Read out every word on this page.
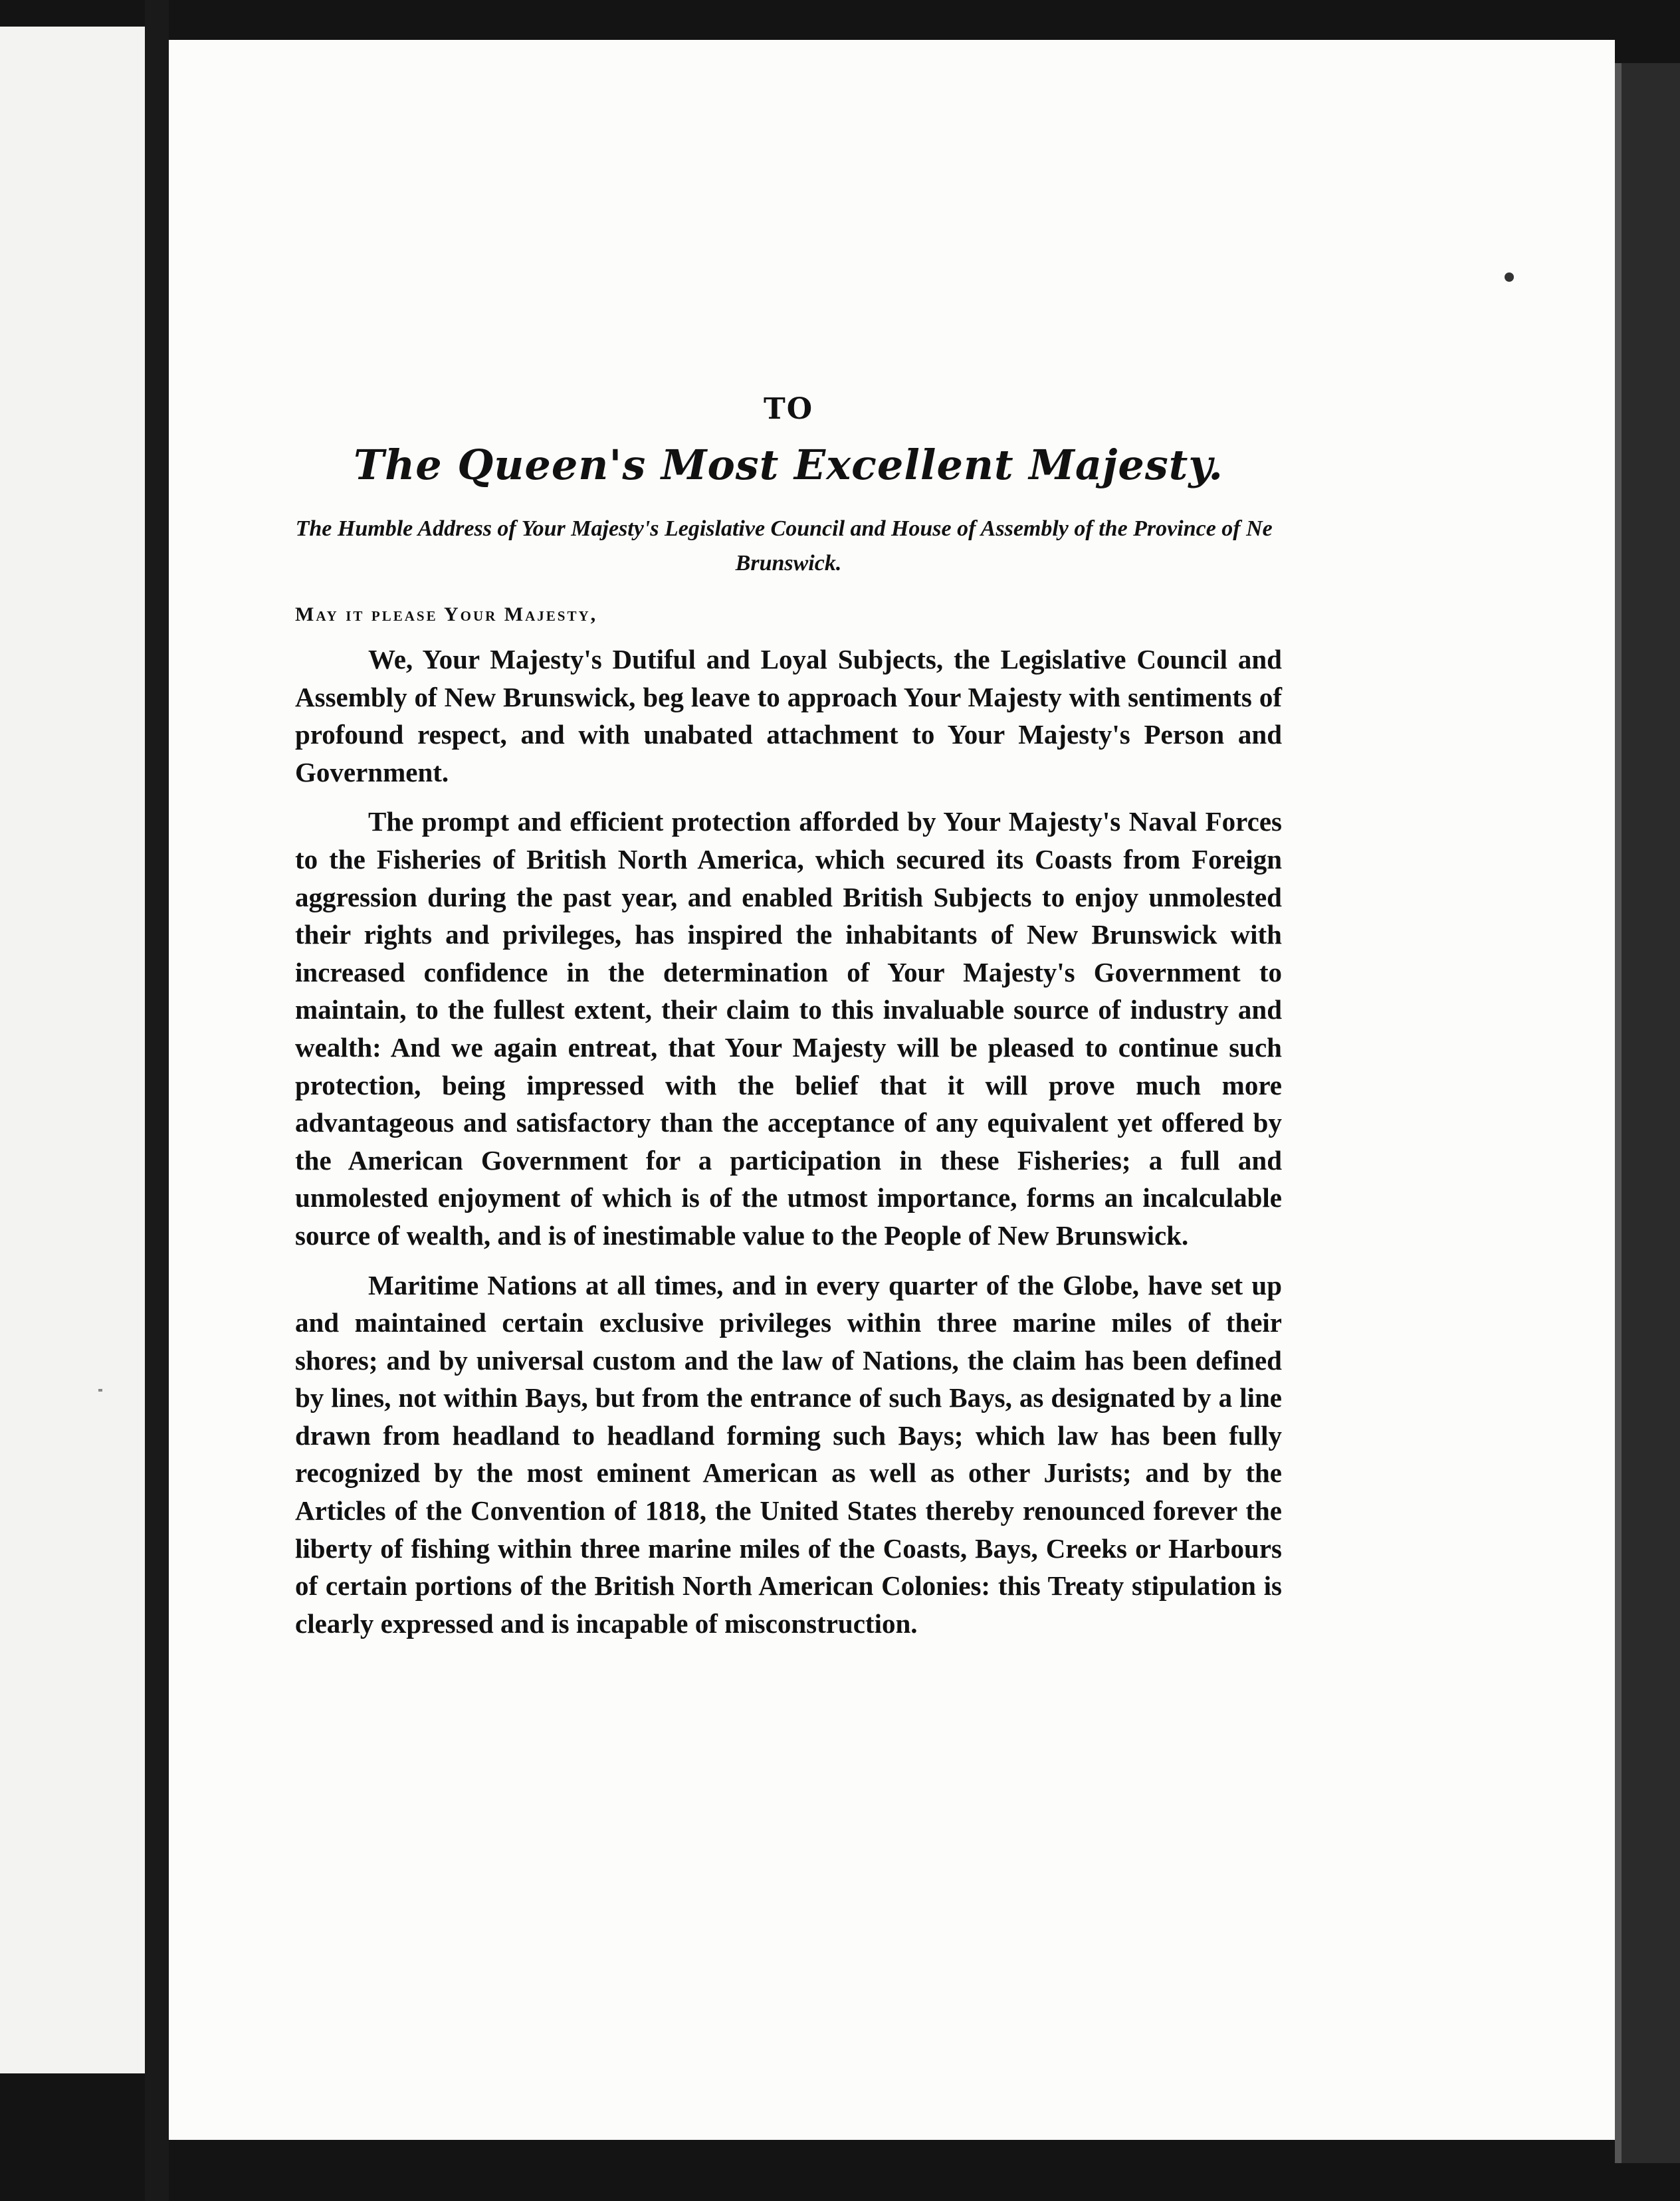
TO
The Queen's Most Excellent Majesty.
The Humble Address of Your Majesty's Legislative Council and House of Assembly of the Province of Ne  Brunswick.
May it please Your Majesty,

We, Your Majesty's Dutiful and Loyal Subjects, the Legislative Council and Assembly of New Brunswick, beg leave to approach Your Majesty with sentiments of profound respect, and with unabated attachment to Your Majesty's Person and Government.

The prompt and efficient protection afforded by Your Majesty's Naval Forces to the Fisheries of British North America, which secured its Coasts from Foreign aggression during the past year, and enabled British Subjects to enjoy unmolested their rights and privileges, has inspired the inhabitants of New Brunswick with increased confidence in the determination of Your Majesty's Government to maintain, to the fullest extent, their claim to this invaluable source of industry and wealth: And we again entreat, that Your Majesty will be pleased to continue such protection, being impressed with the belief that it will prove much more advantageous and satisfactory than the acceptance of any equivalent yet offered by the American Government for a participation in these Fisheries; a full and unmolested enjoyment of which is of the utmost importance, forms an incalculable source of wealth, and is of inestimable value to the People of New Brunswick.

Maritime Nations at all times, and in every quarter of the Globe, have set up and maintained certain exclusive privileges within three marine miles of their shores; and by universal custom and the law of Nations, the claim has been defined by lines, not within Bays, but from the entrance of such Bays, as designated by a line drawn from headland to headland forming such Bays; which law has been fully recognized by the most eminent American as well as other Jurists; and by the Articles of the Convention of 1818, the United States thereby renounced forever the liberty of fishing within three marine miles of the Coasts, Bays, Creeks or Harbours of certain portions of the British North American Colonies: this Treaty stipulation is clearly expressed and is incapable of misconstruction.
